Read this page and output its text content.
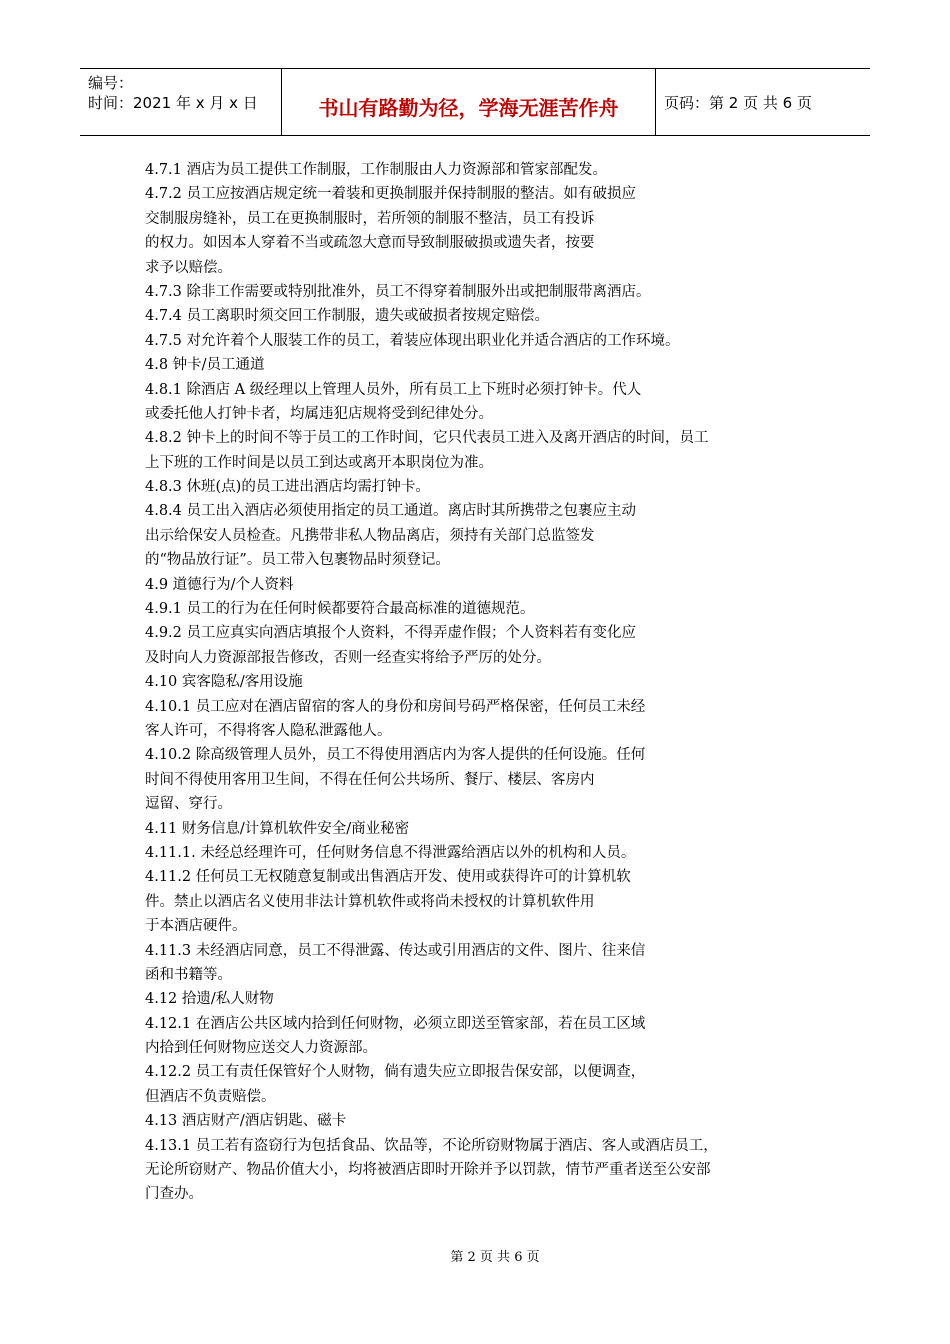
编号：
时间：2021 年 x 月 x 日	书山有路勤为径，学海无涯苦作舟	页码：第 2 页 共 6 页
4.7.1 酒店为员工提供工作制服，工作制服由人力资源部和管家部配发。
4.7.2 员工应按酒店规定统一着装和更换制服并保持制服的整洁。如有破损应
交制服房缝补，员工在更换制服时，若所领的制服不整洁，员工有投诉
的权力。如因本人穿着不当或疏忽大意而导致制服破损或遗失者，按要
求予以赔偿。
4.7.3 除非工作需要或特别批准外，员工不得穿着制服外出或把制服带离酒店。
4.7.4 员工离职时须交回工作制服，遗失或破损者按规定赔偿。
4.7.5 对允许着个人服装工作的员工，着装应体现出职业化并适合酒店的工作环境。
4.8 钟卡/员工通道
4.8.1 除酒店 A 级经理以上管理人员外，所有员工上下班时必须打钟卡。代人
或委托他人打钟卡者，均属违犯店规将受到纪律处分。
4.8.2 钟卡上的时间不等于员工的工作时间，它只代表员工进入及离开酒店的时间，员工
上下班的工作时间是以员工到达或离开本职岗位为准。
4.8.3 休班(点)的员工进出酒店均需打钟卡。
4.8.4 员工出入酒店必须使用指定的员工通道。离店时其所携带之包裹应主动
出示给保安人员检查。凡携带非私人物品离店，须持有关部门总监签发
的“物品放行证”。员工带入包裹物品时须登记。
4.9 道德行为/个人资料
4.9.1 员工的行为在任何时候都要符合最高标准的道德规范。
4.9.2 员工应真实向酒店填报个人资料，不得弄虚作假；个人资料若有变化应
及时向人力资源部报告修改，否则一经查实将给予严厉的处分。
4.10 宾客隐私/客用设施
4.10.1 员工应对在酒店留宿的客人的身份和房间号码严格保密，任何员工未经
客人许可，不得将客人隐私泄露他人。
4.10.2 除高级管理人员外，员工不得使用酒店内为客人提供的任何设施。任何
时间不得使用客用卫生间，不得在任何公共场所、餐厅、楼层、客房内
逗留、穿行。
4.11 财务信息/计算机软件安全/商业秘密
4.11.1. 未经总经理许可，任何财务信息不得泄露给酒店以外的机构和人员。
4.11.2 任何员工无权随意复制或出售酒店开发、使用或获得许可的计算机软
件。禁止以酒店名义使用非法计算机软件或将尚未授权的计算机软件用
于本酒店硬件。
4.11.3 未经酒店同意，员工不得泄露、传达或引用酒店的文件、图片、往来信
函和书籍等。
4.12 拾遗/私人财物
4.12.1 在酒店公共区域内拾到任何财物，必须立即送至管家部，若在员工区域
内拾到任何财物应送交人力资源部。
4.12.2 员工有责任保管好个人财物，倘有遗失应立即报告保安部，以便调查，
但酒店不负责赔偿。
4.13 酒店财产/酒店钥匙、磁卡
4.13.1 员工若有盗窃行为包括食品、饮品等，不论所窃财物属于酒店、客人或酒店员工，
无论所窃财产、物品价值大小，均将被酒店即时开除并予以罚款，情节严重者送至公安部
门查办。
第 2 页 共 6 页
